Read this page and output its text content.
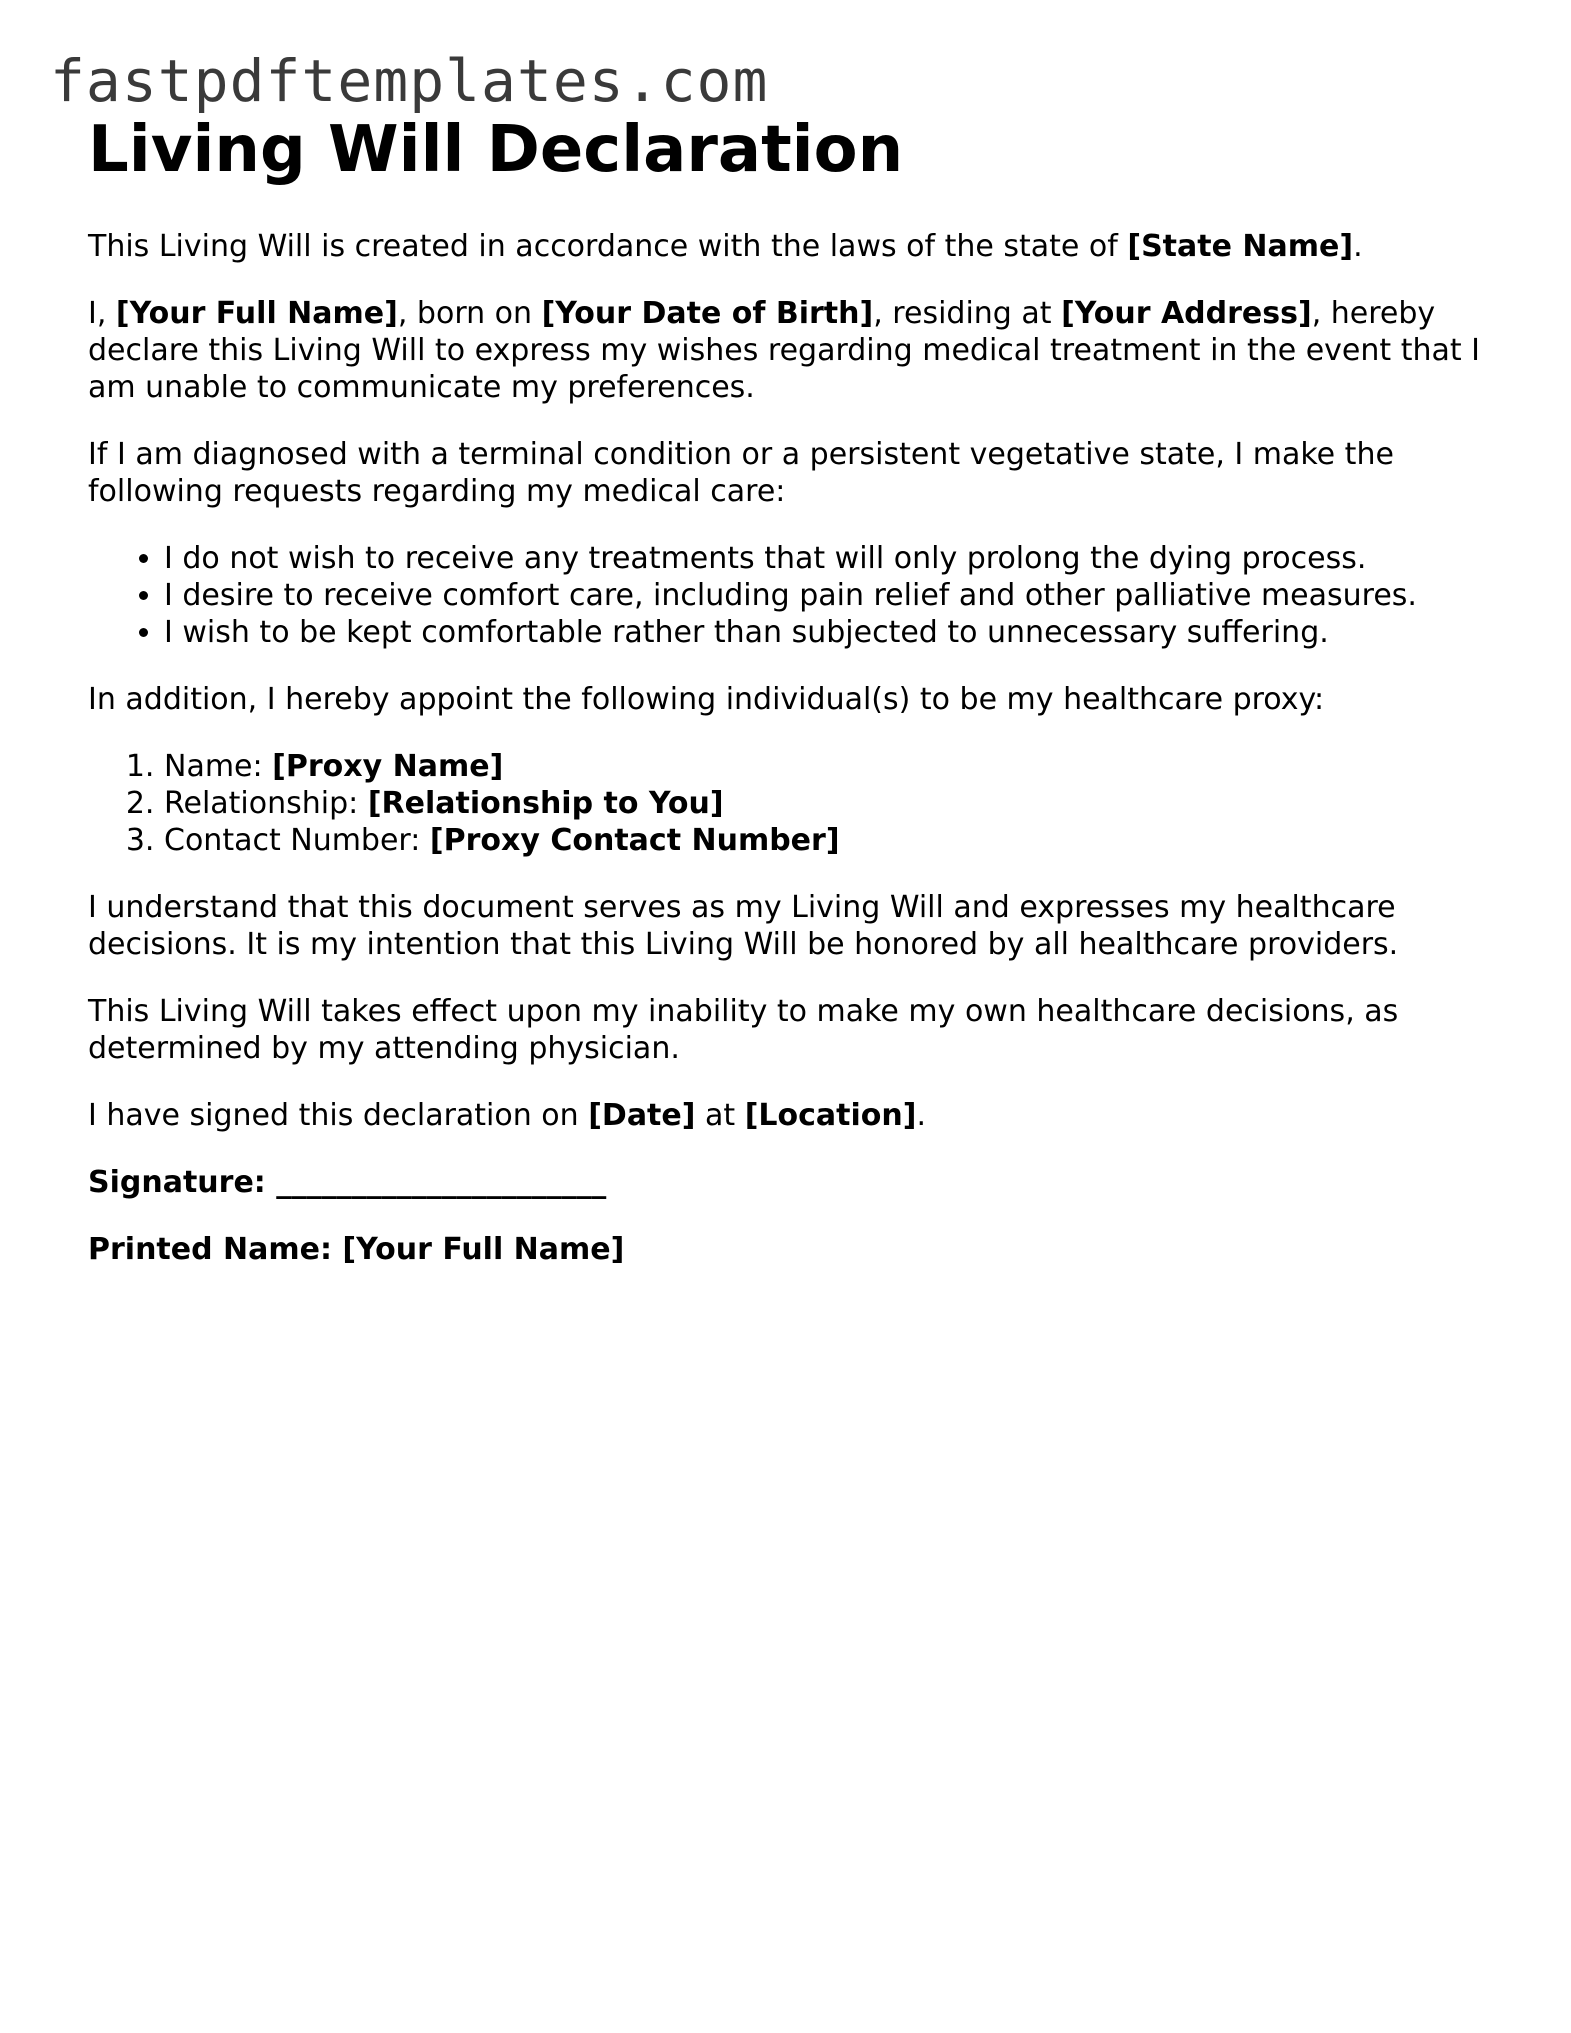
fastpdftemplates.com
Living Will Declaration

This Living Will is created in accordance with the laws of the state of [State Name].

I, [Your Full Name], born on [Your Date of Birth], residing at [Your Address], hereby declare this Living Will to express my wishes regarding medical treatment in the event that I am unable to communicate my preferences.

If I am diagnosed with a terminal condition or a persistent vegetative state, I make the following requests regarding my medical care:

• I do not wish to receive any treatments that will only prolong the dying process.
• I desire to receive comfort care, including pain relief and other palliative measures.
• I wish to be kept comfortable rather than subjected to unnecessary suffering.

In addition, I hereby appoint the following individual(s) to be my healthcare proxy:

1. Name: [Proxy Name]
2. Relationship: [Relationship to You]
3. Contact Number: [Proxy Contact Number]

I understand that this document serves as my Living Will and expresses my healthcare decisions. It is my intention that this Living Will be honored by all healthcare providers.

This Living Will takes effect upon my inability to make my own healthcare decisions, as determined by my attending physician.

I have signed this declaration on [Date] at [Location].

Signature: ______________________

Printed Name: [Your Full Name]
